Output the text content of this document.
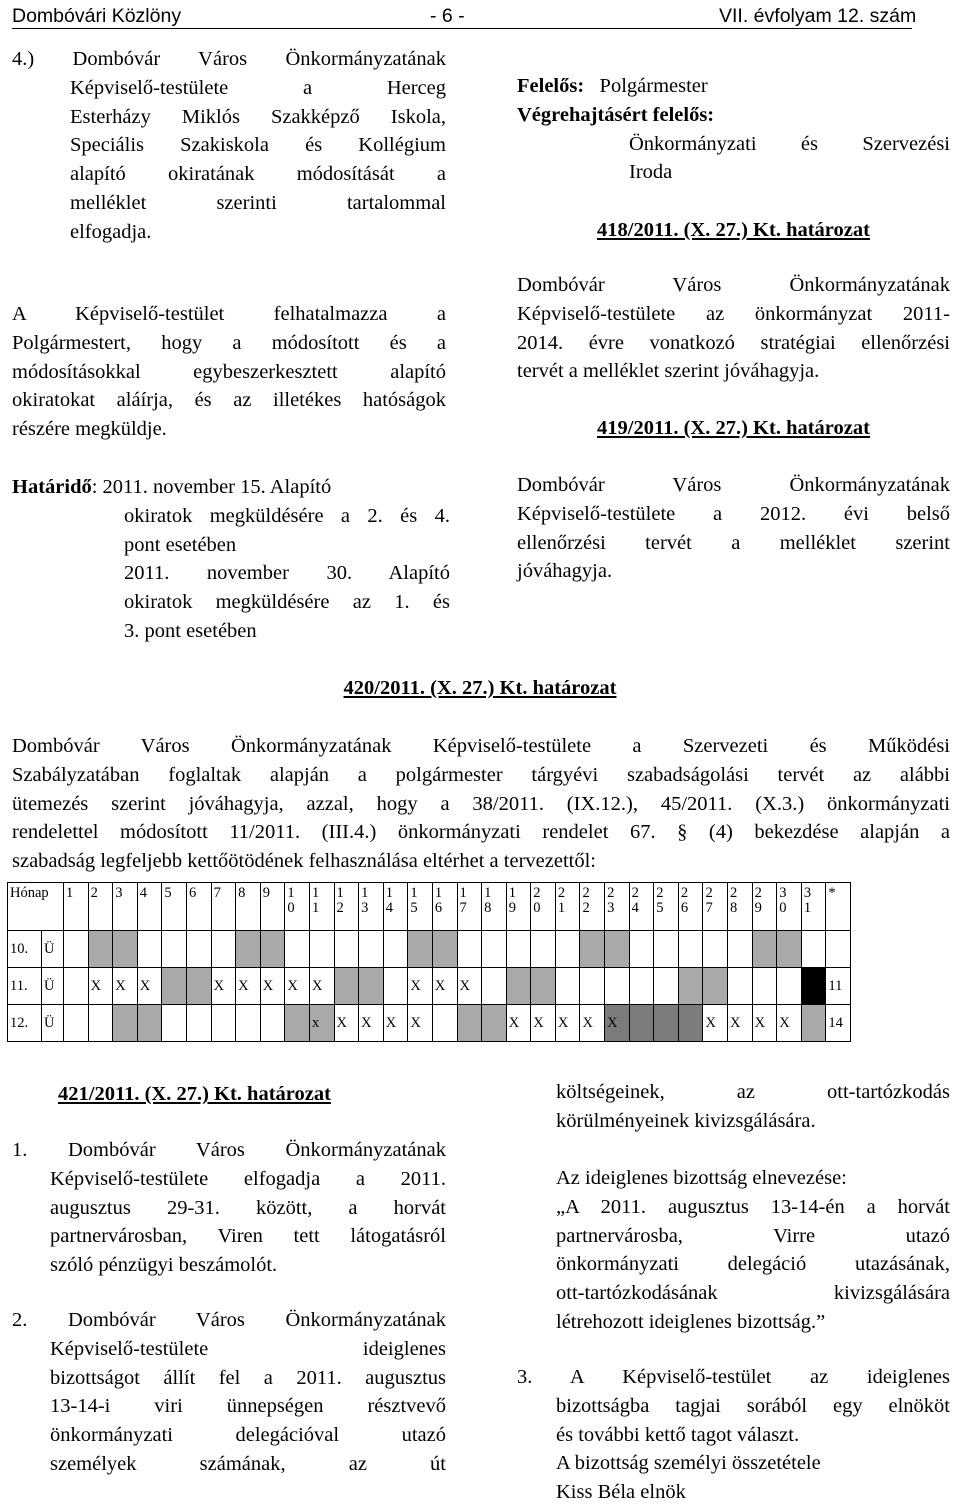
Dombóvári Közlöny	- 6 -	VII. évfolyam 12. szám

4.) Dombóvár Város Önkormányzatának

Képviselő-testülete a Herceg

Esterházy Miklós Szakképző Iskola,

Speciális Szakiskola és Kollégium

alapító okiratának módosítását a

melléklet szerinti tartalommal

elfogadja.

A Képviselő-testület felhatalmazza a

Polgármestert, hogy a módosított és a

módosításokkal egybeszerkesztett alapító

okiratokat aláírja, és az illetékes hatóságok

részére megküldje.

Határidő: 2011. november 15. Alapító

okiratok megküldésére a 2. és 4.

pont esetében

2011. november 30. Alapító

okiratok megküldésére az 1. és

3. pont esetében

Felelős: Polgármester

Végrehajtásért felelős:

Önkormányzati és Szervezési

Iroda

418/2011. (X. 27.) Kt. határozat

Dombóvár Város Önkormányzatának

Képviselő-testülete az önkormányzat 2011-

2014. évre vonatkozó stratégiai ellenőrzési

tervét a melléklet szerint jóváhagyja.

419/2011. (X. 27.) Kt. határozat

Dombóvár Város Önkormányzatának

Képviselő-testülete a 2012. évi belső

ellenőrzési tervét a melléklet szerint

jóváhagyja.

420/2011. (X. 27.) Kt. határozat

Dombóvár Város Önkormányzatának Képviselő-testülete a Szervezeti és Működési

Szabályzatában foglaltak alapján a polgármester tárgyévi szabadságolási tervét az alábbi

ütemezés szerint jóváhagyja, azzal, hogy a 38/2011. (IX.12.), 45/2011. (X.3.) önkormányzati

rendelettel módosított 11/2011. (III.4.) önkormányzati rendelet 67. § (4) bekezdése alapján a

szabadság legfeljebb kettőötödének felhasználása eltérhet a tervezettől:

Hónap		1	2	3	4	5	6	7	8	9	10	11	12	13	14	15	16	17	18	19	20	21	22	23	24	25	26	27	28	29	30	31	*
10.	Ü																																
11.	Ü		X	X	X			X	X	X	X	X				X	X	X															11
12.	Ü											x	X	X	X	X				X	X	X	X	X				X	X	X	X		14

421/2011. (X. 27.) Kt. határozat

1. Dombóvár Város Önkormányzatának

Képviselő-testülete elfogadja a 2011.

augusztus 29-31. között, a horvát

partnervárosban, Viren tett látogatásról

szóló pénzügyi beszámolót.

2. Dombóvár Város Önkormányzatának

Képviselő-testülete ideiglenes

bizottságot állít fel a 2011. augusztus

13-14-i viri ünnepségen résztvevő

önkormányzati delegációval utazó

személyek számának, az út

költségeinek, az ott-tartózkodás

körülményeinek kivizsgálására.

Az ideiglenes bizottság elnevezése:

„A 2011. augusztus 13-14-én a horvát

partnervárosba, Virre utazó

önkormányzati delegáció utazásának,

ott-tartózkodásának kivizsgálására

létrehozott ideiglenes bizottság.”

3. A Képviselő-testület az ideiglenes

bizottságba tagjai sorából egy elnököt

és további kettő tagot választ.

A bizottság személyi összetétele

Kiss Béla elnök
